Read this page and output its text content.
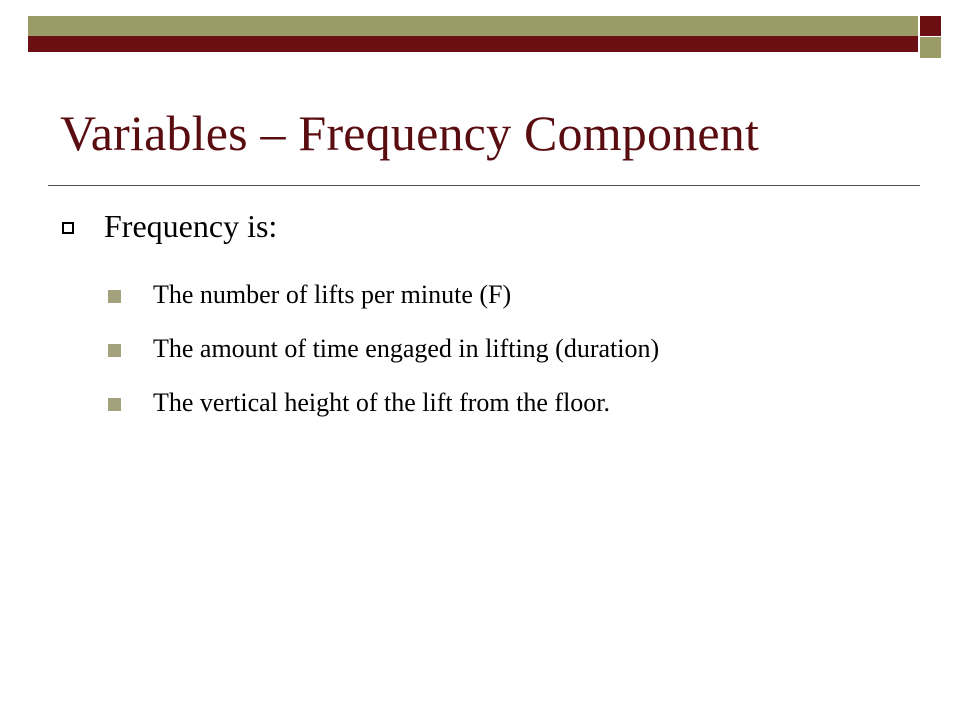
Variables – Frequency Component
Frequency is:
The number of lifts per minute (F)
The amount of time engaged in lifting (duration)
The vertical height of the lift from the floor.
